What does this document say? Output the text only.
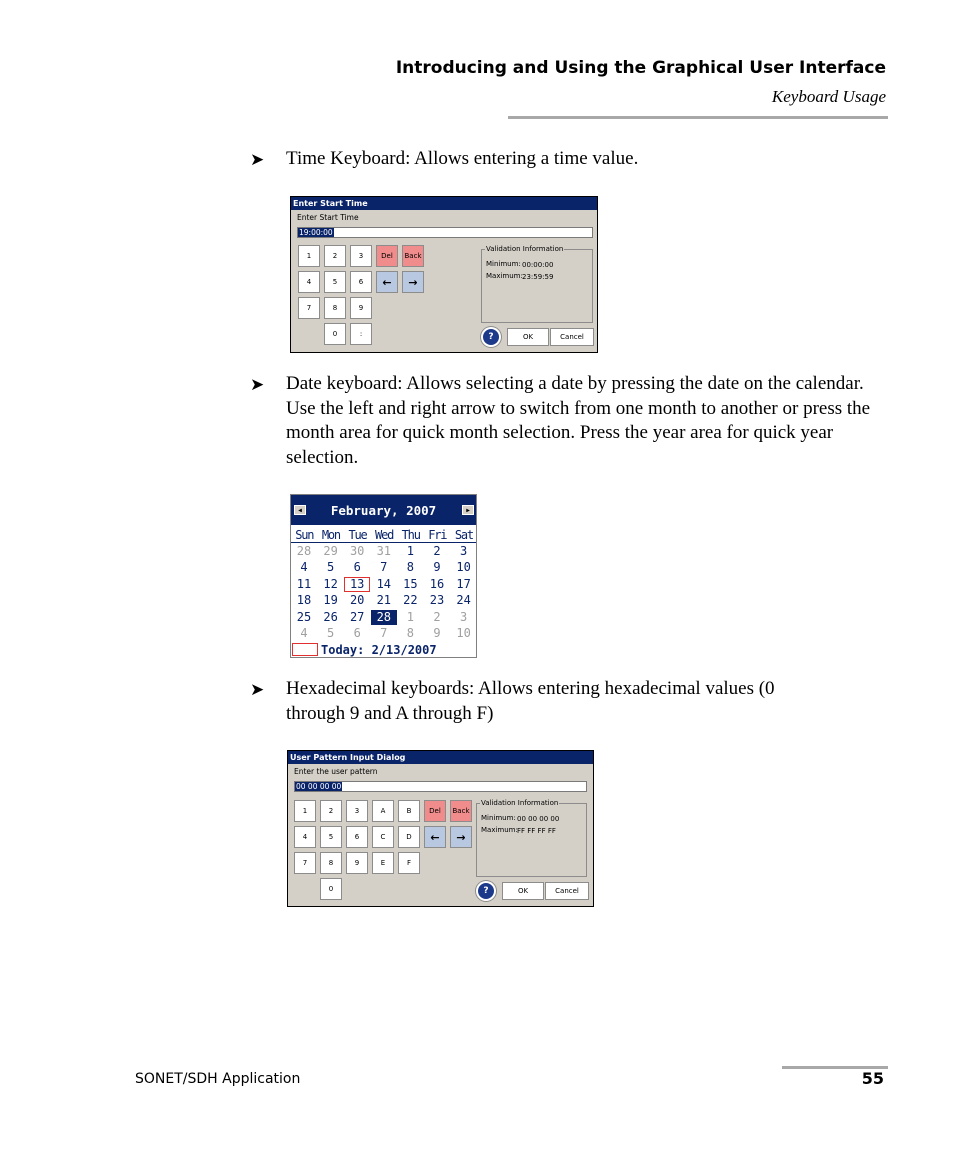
Introducing and Using the Graphical User Interface
Keyboard Usage
➤ Time Keyboard: Allows entering a time value.
Enter Start Time
Enter Start Time
19:00:00
1	2	3	Del	Back
4	5	6	←	→
7	8	9
0	:
Validation Information
Minimum: 00:00:00
Maximum: 23:59:59
?	OK	Cancel
➤ Date keyboard: Allows selecting a date by pressing the date on the calendar. Use the left and right arrow to switch from one month to another or press the month area for quick month selection. Press the year area for quick year selection.
◀	February, 2007	▶
Sun Mon Tue Wed Thu Fri Sat
28	29	30	31	1	2	3
4	5	6	7	8	9	10
11	12	13	14	15	16	17
18	19	20	21	22	23	24
25	26	27	28	1	2	3
4	5	6	7	8	9	10
Today: 2/13/2007
➤ Hexadecimal keyboards: Allows entering hexadecimal values (0 through 9 and A through F)
User Pattern Input Dialog
Enter the user pattern
00 00 00 00
1	2	3	A	B	Del	Back
4	5	6	C	D	←	→
7	8	9	E	F
0
Validation Information
Minimum: 00 00 00 00
Maximum: FF FF FF FF
?	OK	Cancel
SONET/SDH Application	55
